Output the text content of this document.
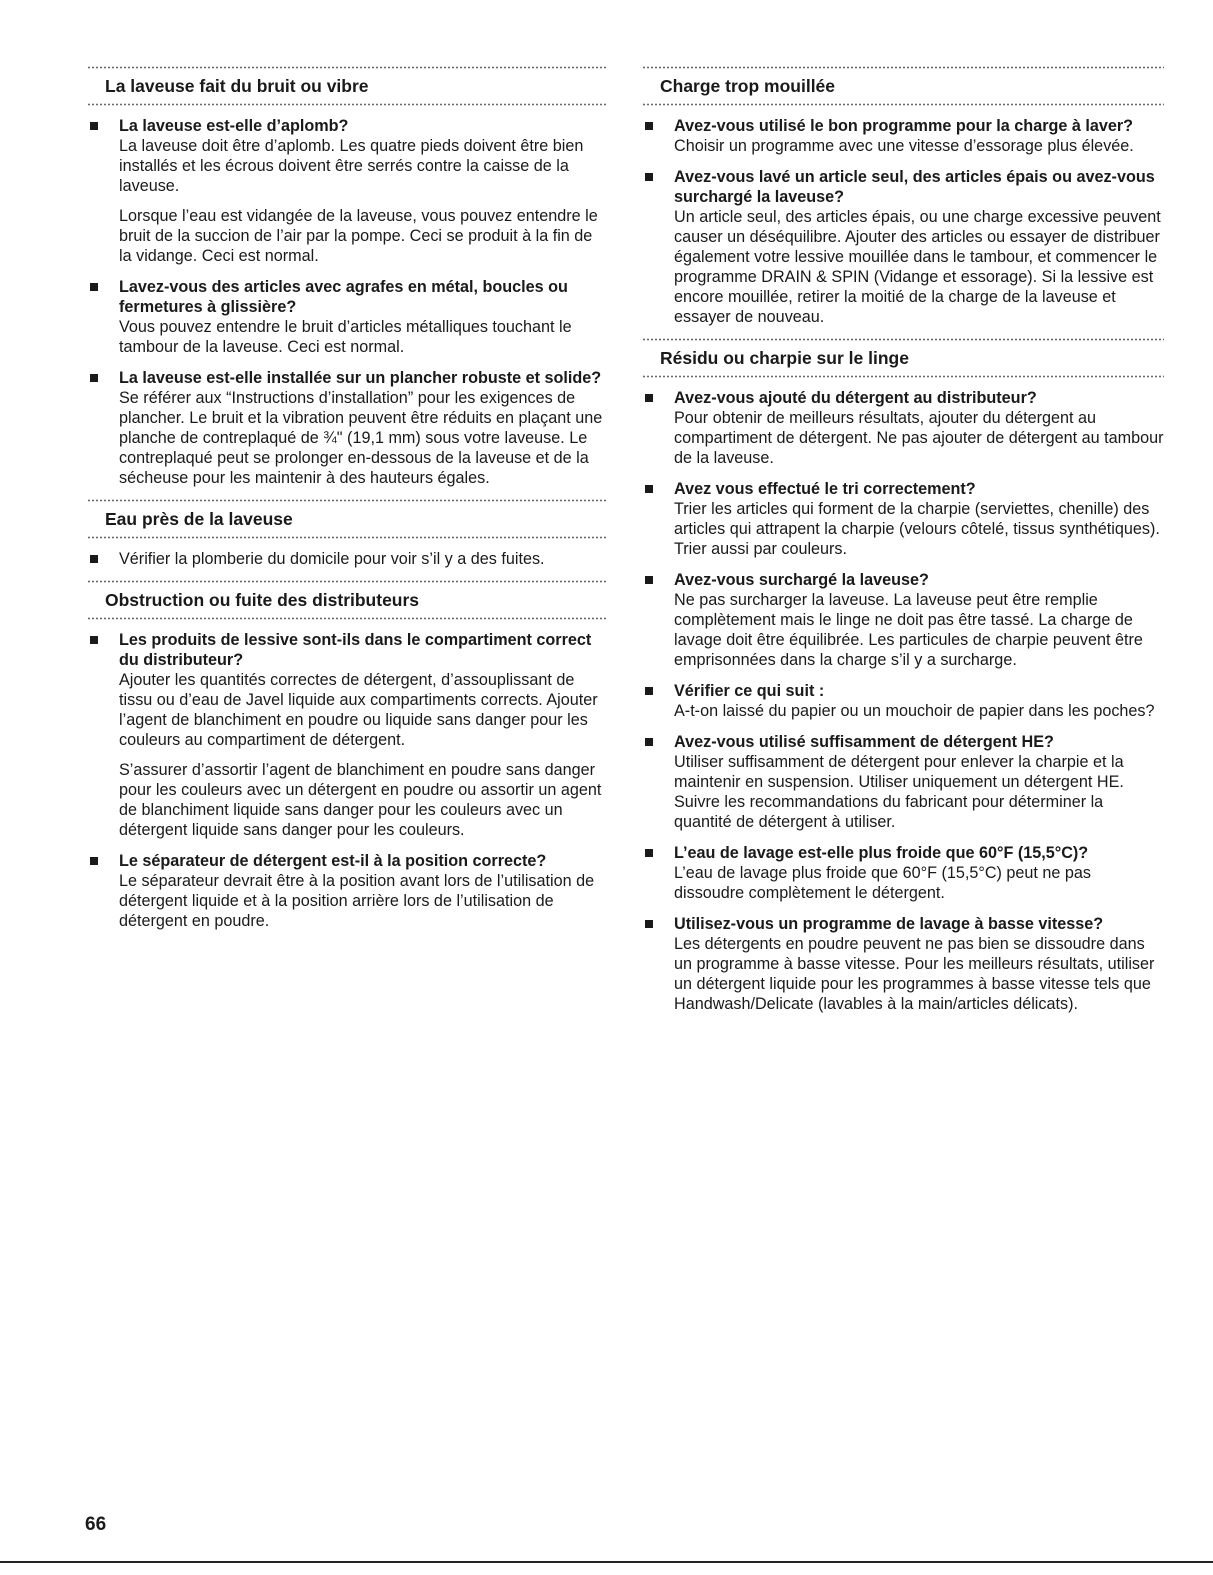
La laveuse fait du bruit ou vibre
La laveuse est-elle d’aplomb?

La laveuse doit être d’aplomb. Les quatre pieds doivent être bien installés et les écrous doivent être serrés contre la caisse de la laveuse.

Lorsque l’eau est vidangée de la laveuse, vous pouvez entendre le bruit de la succion de l’air par la pompe. Ceci se produit à la fin de la vidange. Ceci est normal.

Lavez-vous des articles avec agrafes en métal, boucles ou fermetures à glissière?

Vous pouvez entendre le bruit d’articles métalliques touchant le tambour de la laveuse. Ceci est normal.

La laveuse est-elle installée sur un plancher robuste et solide?

Se référer aux “Instructions d’installation” pour les exigences de plancher. Le bruit et la vibration peuvent être réduits en plaçant une planche de contreplaqué de ¾" (19,1 mm) sous votre laveuse. Le contreplaqué peut se prolonger en-dessous de la laveuse et de la sécheuse pour les maintenir à des hauteurs égales.

Eau près de la laveuse

Vérifier la plomberie du domicile pour voir s’il y a des fuites.

Obstruction ou fuite des distributeurs
Les produits de lessive sont-ils dans le compartiment correct du distributeur?

Ajouter les quantités correctes de détergent, d’assouplissant de tissu ou d’eau de Javel liquide aux compartiments corrects. Ajouter l’agent de blanchiment en poudre ou liquide sans danger pour les couleurs au compartiment de détergent.

S’assurer d’assortir l’agent de blanchiment en poudre sans danger pour les couleurs avec un détergent en poudre ou assortir un agent de blanchiment liquide sans danger pour les couleurs avec un détergent liquide sans danger pour les couleurs.

Le séparateur de détergent est-il à la position correcte?

Le séparateur devrait être à la position avant lors de l’utilisation de détergent liquide et à la position arrière lors de l’utilisation de détergent en poudre.

Charge trop mouillée
Avez-vous utilisé le bon programme pour la charge à laver?

Choisir un programme avec une vitesse d’essorage plus élevée.

Avez-vous lavé un article seul, des articles épais ou avez-vous surchargé la laveuse?

Un article seul, des articles épais, ou une charge excessive peuvent causer un déséquilibre. Ajouter des articles ou essayer de distribuer également votre lessive mouillée dans le tambour, et commencer le programme DRAIN & SPIN (Vidange et essorage). Si la lessive est encore mouillée, retirer la moitié de la charge de la laveuse et essayer de nouveau.

Résidu ou charpie sur le linge
Avez-vous ajouté du détergent au distributeur?

Pour obtenir de meilleurs résultats, ajouter du détergent au compartiment de détergent. Ne pas ajouter de détergent au tambour de la laveuse.

Avez vous effectué le tri correctement?

Trier les articles qui forment de la charpie (serviettes, chenille) des articles qui attrapent la charpie (velours côtelé, tissus synthétiques). Trier aussi par couleurs.

Avez-vous surchargé la laveuse?

Ne pas surcharger la laveuse. La laveuse peut être remplie complètement mais le linge ne doit pas être tassé. La charge de lavage doit être équilibrée. Les particules de charpie peuvent être emprisonnées dans la charge s’il y a surcharge.

Vérifier ce qui suit :

A-t-on laissé du papier ou un mouchoir de papier dans les poches?

Avez-vous utilisé suffisamment de détergent HE?

Utiliser suffisamment de détergent pour enlever la charpie et la maintenir en suspension. Utiliser uniquement un détergent HE. Suivre les recommandations du fabricant pour déterminer la quantité de détergent à utiliser.

L’eau de lavage est-elle plus froide que 60°F (15,5°C)?

L’eau de lavage plus froide que 60°F (15,5°C) peut ne pas dissoudre complètement le détergent.

Utilisez-vous un programme de lavage à basse vitesse?

Les détergents en poudre peuvent ne pas bien se dissoudre dans un programme à basse vitesse. Pour les meilleurs résultats, utiliser un détergent liquide pour les programmes à basse vitesse tels que Handwash/Delicate (lavables à la main/articles délicats).

66
